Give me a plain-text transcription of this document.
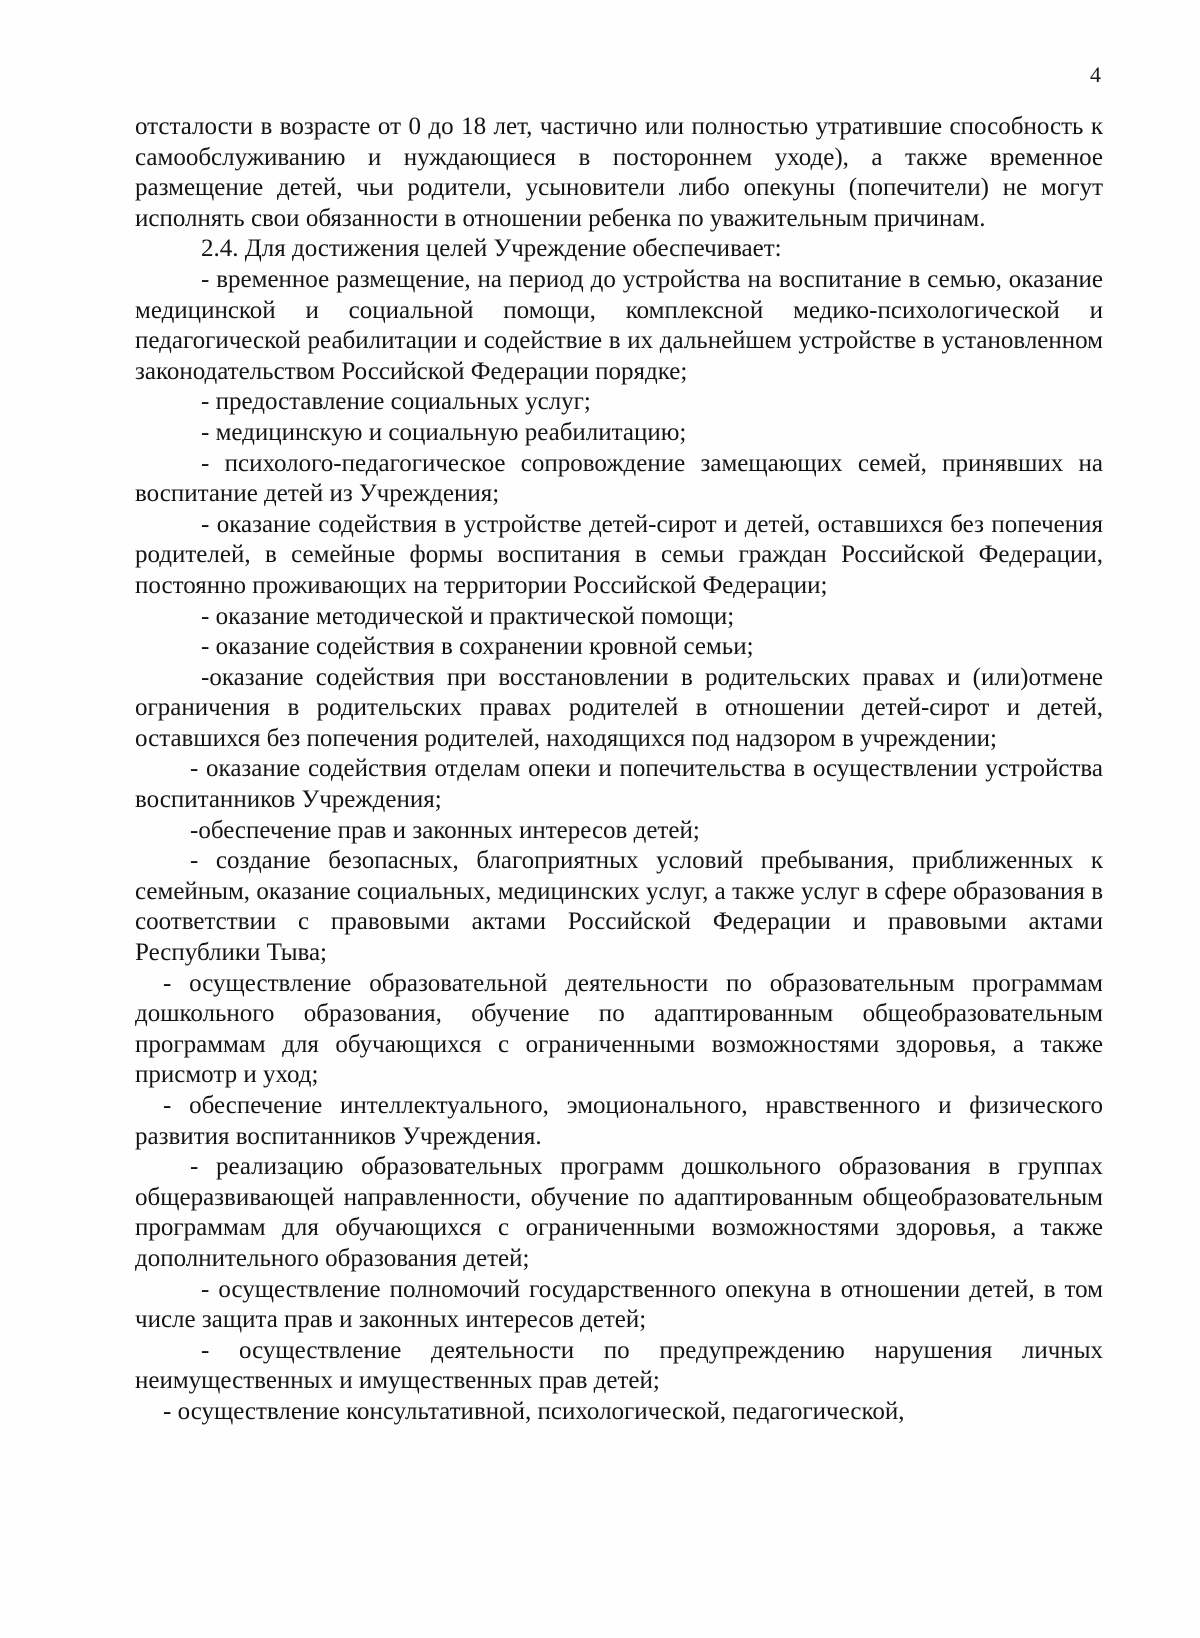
4

отсталости в возрасте от 0 до 18 лет, частично или полностью утратившие способность к самообслуживанию и нуждающиеся в постороннем уходе), а также временное размещение детей, чьи родители, усыновители либо опекуны (попечители) не могут исполнять свои обязанности в отношении ребенка по уважительным причинам.

2.4. Для достижения целей Учреждение обеспечивает:

- временное размещение, на период до устройства на воспитание в семью, оказание медицинской и социальной помощи, комплексной медико-психологической и педагогической реабилитации и содействие в их дальнейшем устройстве в установленном законодательством Российской Федерации порядке;

- предоставление социальных услуг;

- медицинскую и социальную реабилитацию;

- психолого-педагогическое сопровождение замещающих семей, принявших на воспитание детей из Учреждения;

- оказание содействия в устройстве детей-сирот и детей, оставшихся без попечения родителей, в семейные формы воспитания в семьи граждан Российской Федерации, постоянно проживающих на территории Российской Федерации;

- оказание методической и практической помощи;

- оказание содействия в сохранении кровной семьи;

-оказание содействия при восстановлении в родительских правах и (или)отмене ограничения в родительских правах родителей в отношении детей-сирот и детей, оставшихся без попечения родителей, находящихся под надзором в учреждении;

- оказание содействия отделам опеки и попечительства в осуществлении устройства воспитанников Учреждения;

-обеспечение прав и законных интересов детей;

- создание безопасных, благоприятных условий пребывания, приближенных к семейным, оказание социальных, медицинских услуг, а также услуг в сфере образования в соответствии с правовыми актами Российской Федерации и правовыми актами Республики Тыва;

- осуществление образовательной деятельности по образовательным программам дошкольного образования, обучение по адаптированным общеобразовательным программам для обучающихся с ограниченными возможностями здоровья, а также присмотр и уход;

- обеспечение интеллектуального, эмоционального, нравственного и физического развития воспитанников Учреждения.

- реализацию образовательных программ дошкольного образования в группах общеразвивающей направленности, обучение по адаптированным общеобразовательным программам для обучающихся с ограниченными возможностями здоровья, а также дополнительного образования детей;

- осуществление полномочий государственного опекуна в отношении детей, в том числе защита прав и законных интересов детей;

- осуществление деятельности по предупреждению нарушения личных неимущественных и имущественных прав детей;

- осуществление консультативной, психологической, педагогической,
